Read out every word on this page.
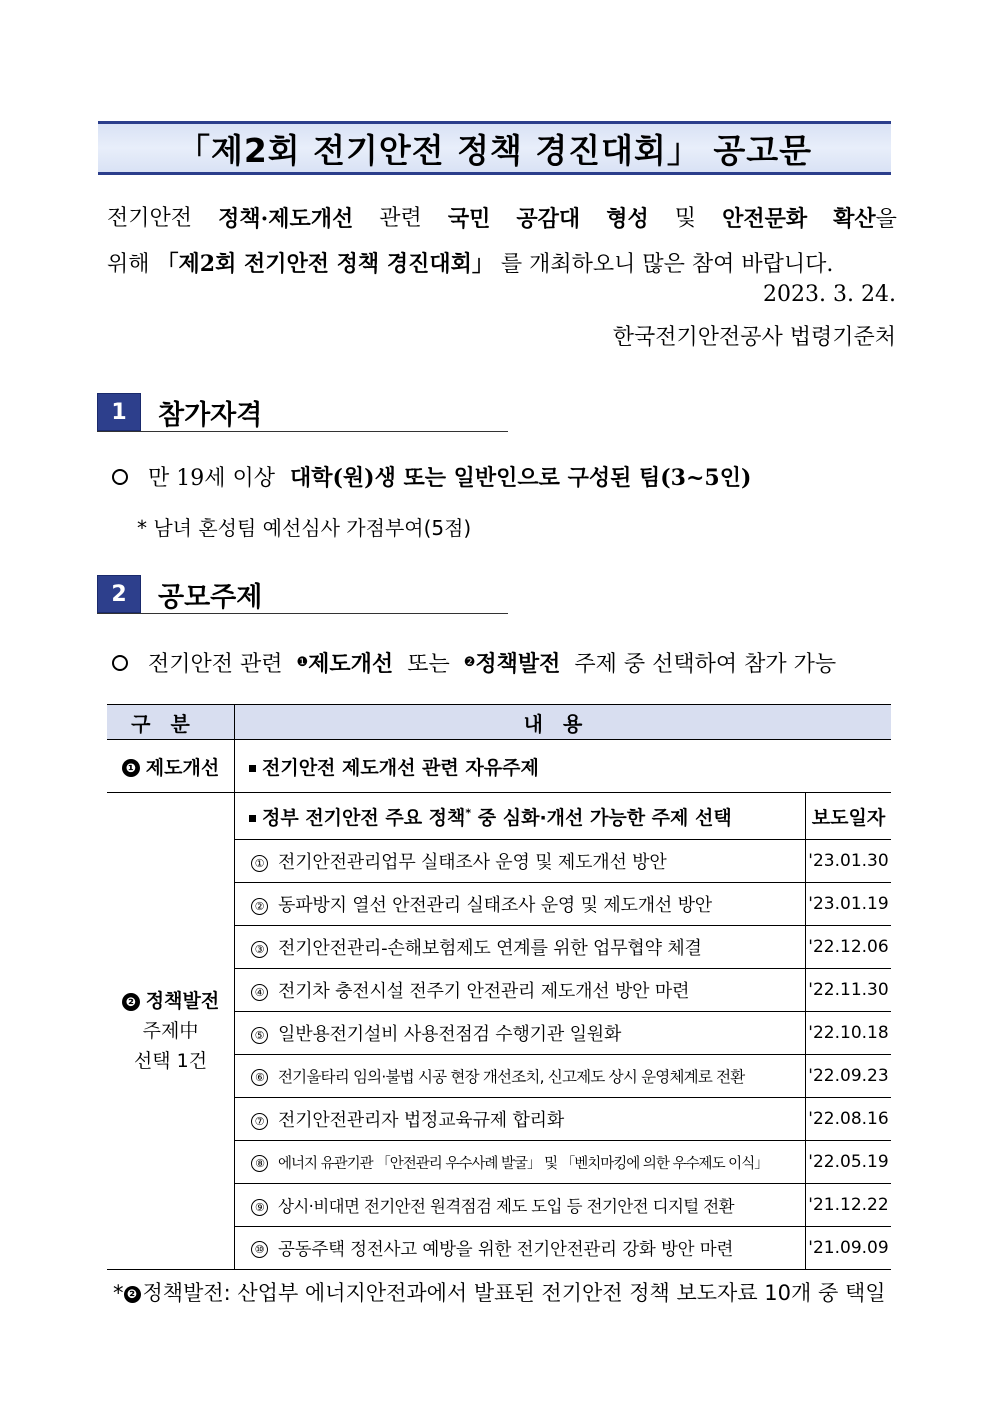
「제2회 전기안전 정책 경진대회」 공고문
전기안전 정책·제도개선 관련 국민 공감대 형성 및 안전문화 확산을
위해 「제2회 전기안전 정책 경진대회」 를 개최하오니 많은 참여 바랍니다.
2023. 3. 24.
한국전기안전공사 법령기준처
1	참가자격
만 19세 이상
대학(원)생 또는 일반인으로 구성된 팀(3~5인)
* 남녀 혼성팀 예선심사 가점부여(5점)
2	공모주제
전기안전 관련
❶ 제도개선
또는
❷ 정책발전
주제 중 선택하여 참가 가능
구분	내용	
❶ 제도개선	전기안전 제도개선 관련 자유주제	

❷ 정책발전
주제中
선택 1건	정부 전기안전 주요 정책* 중 심화·개선 가능한 주제 선택	보도일자
	① 전기안전관리업무 실태조사 운영 및 제도개선 방안	'23.01.30
	② 동파방지 열선 안전관리 실태조사 운영 및 제도개선 방안	'23.01.19
	③ 전기안전관리-손해보험제도 연계를 위한 업무협약 체결	'22.12.06
	④ 전기차 충전시설 전주기 안전관리 제도개선 방안 마련	'22.11.30
	⑤ 일반용전기설비 사용전점검 수행기관 일원화	'22.10.18
	⑥ 전기울타리 임의·불법 시공 현장 개선조치, 신고제도 상시 운영체계로 전환	'22.09.23
	⑦ 전기안전관리자 법정교육규제 합리화	'22.08.16
	⑧ 에너지 유관기관 「안전관리 우수사례 발굴」 및 「벤치마킹에 의한 우수제도 이식」	'22.05.19
	⑨ 상시·비대면 전기안전 원격점검 제도 도입 등 전기안전 디지털 전환	'21.12.22
	⑩ 공동주택 정전사고 예방을 위한 전기안전관리 강화 방안 마련	'21.09.09
* ❷ 정책발전: 산업부 에너지안전과에서 발표된 전기안전 정책 보도자료 10개 중 택일
